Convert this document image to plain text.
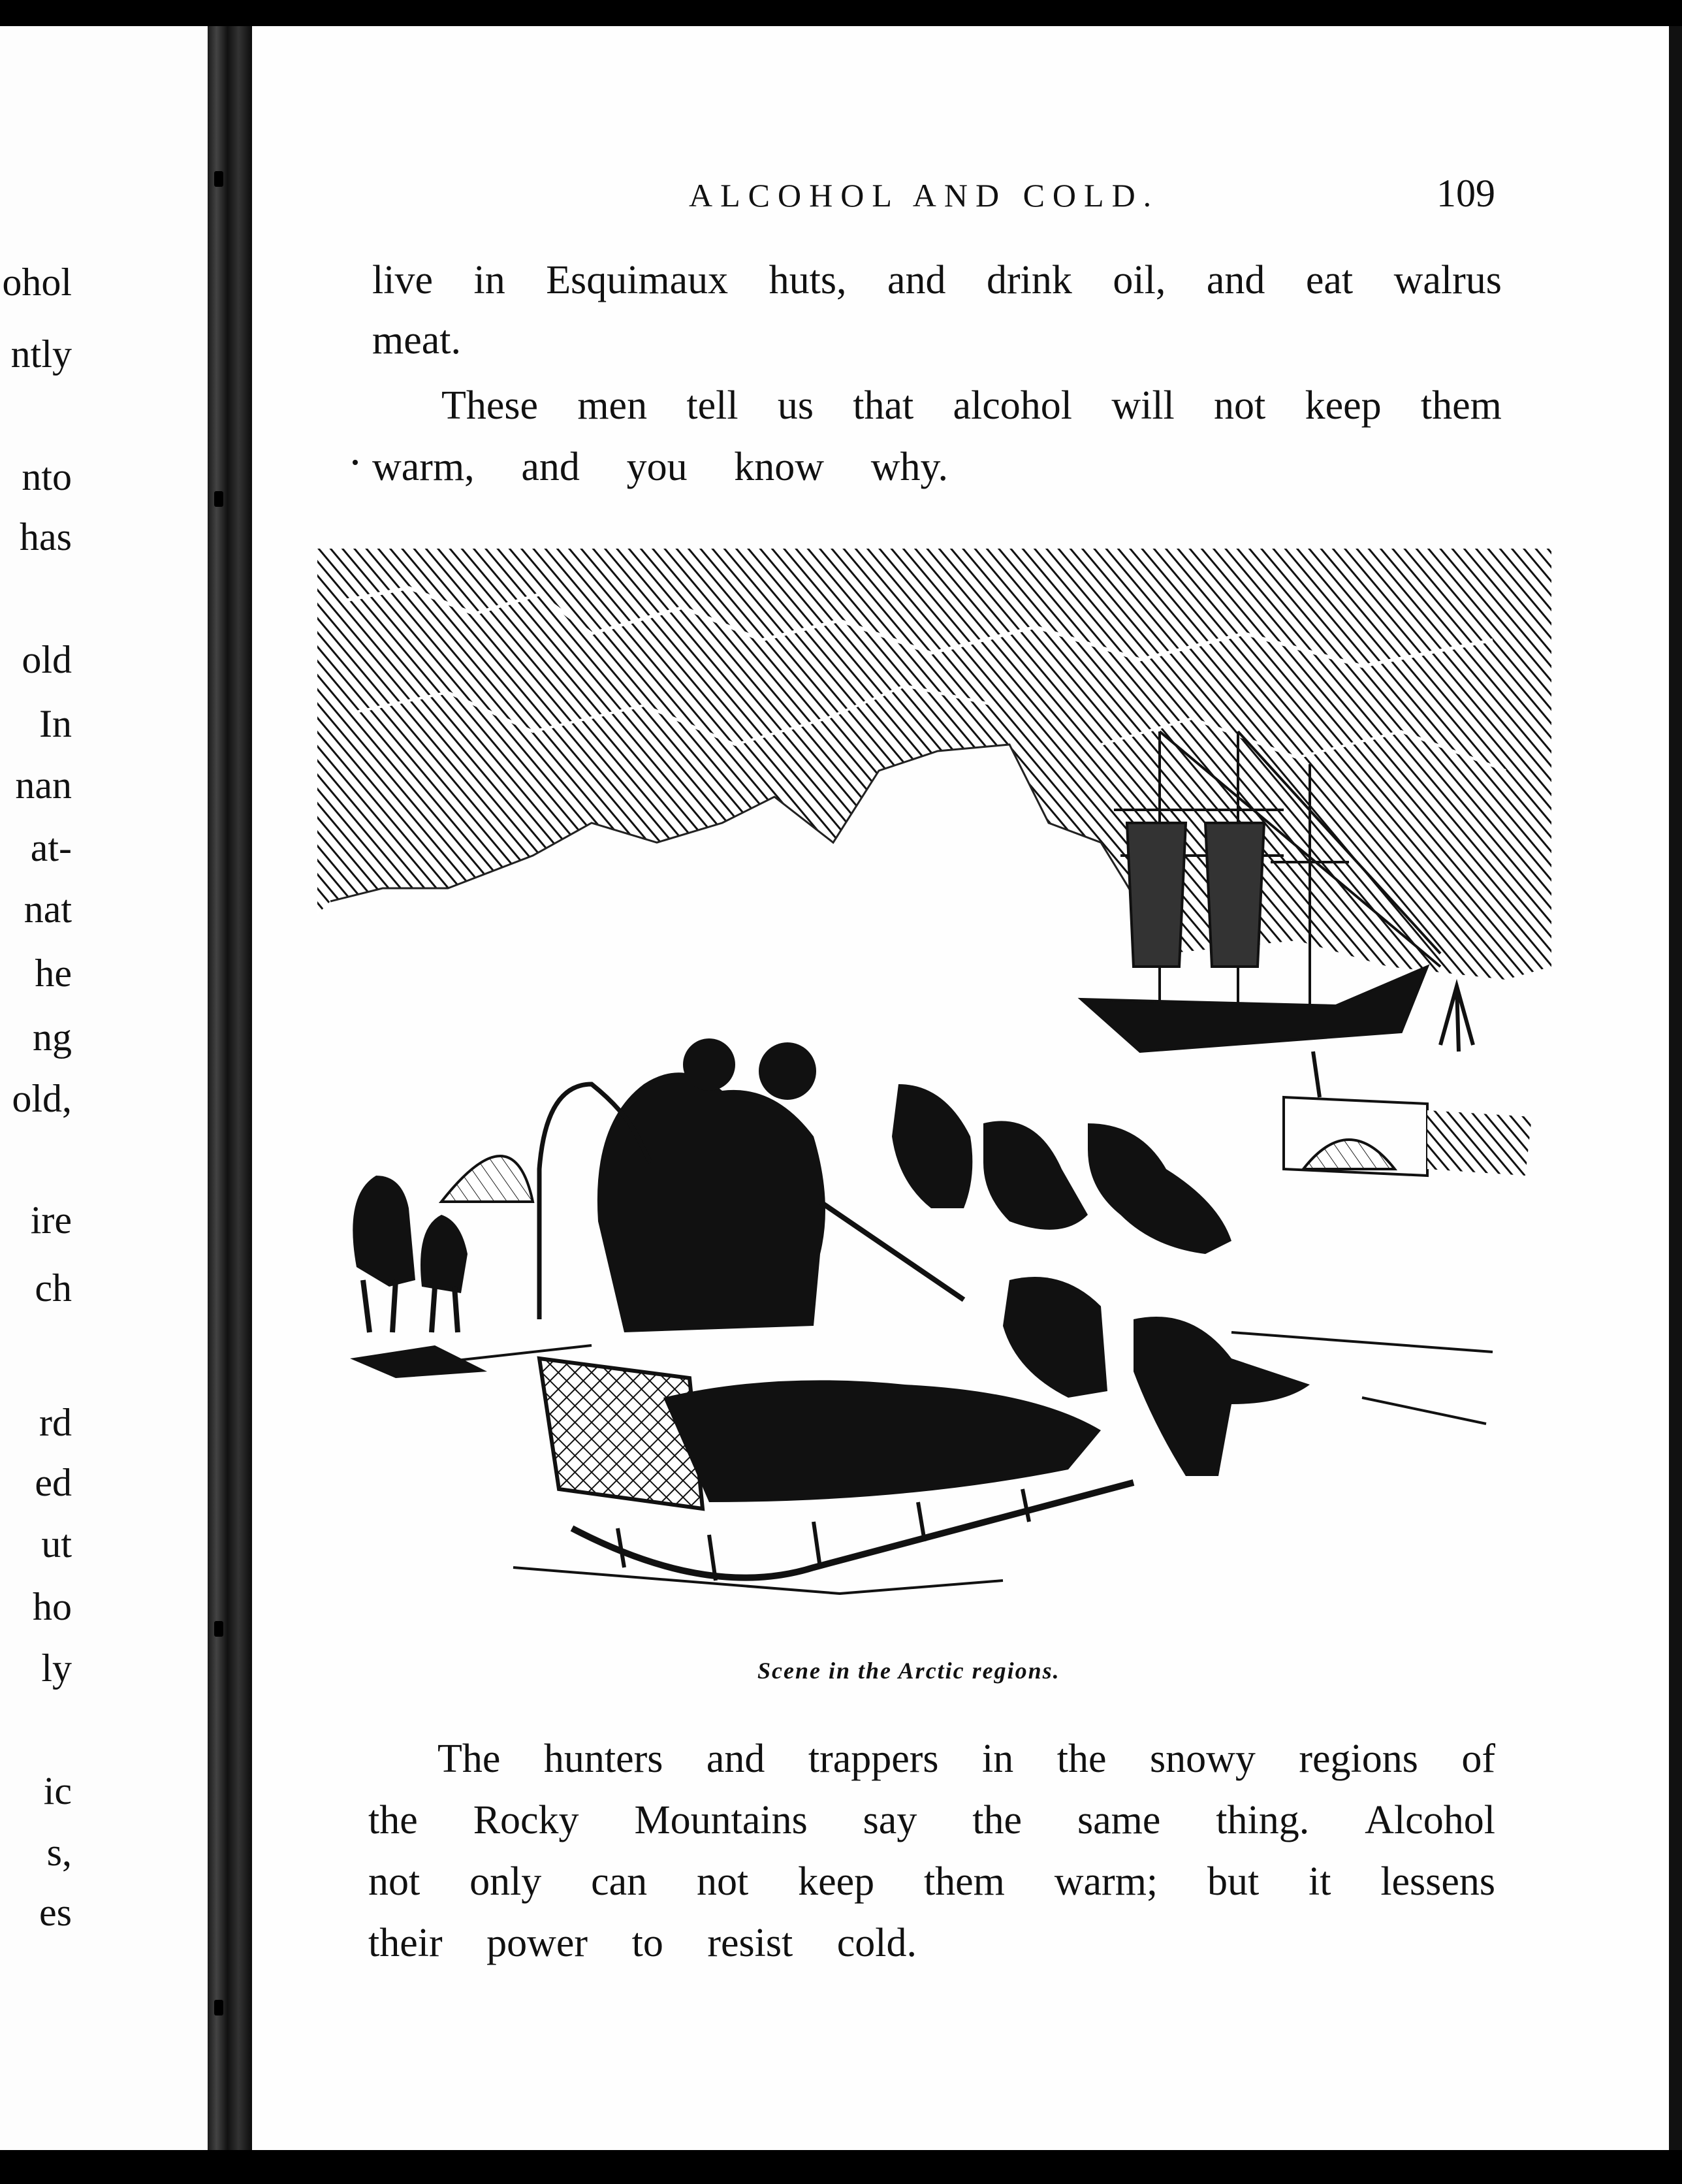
ohol
ntly
nto
has
old
In
nan
at-
nat
he
ng
old,
ire
ch
rd
ed
ut
ho
ly
ic
s,
es
ALCOHOL AND COLD.	109
live in Esquimaux huts, and drink oil, and eat walrus
meat.
These men tell us that alcohol will not keep them
warm, and you know why.
Scene in the Arctic regions.
The hunters and trappers in the snowy regions of
the Rocky Mountains say the same thing. Alcohol
not only can not keep them warm; but it lessens
their power to resist cold.
